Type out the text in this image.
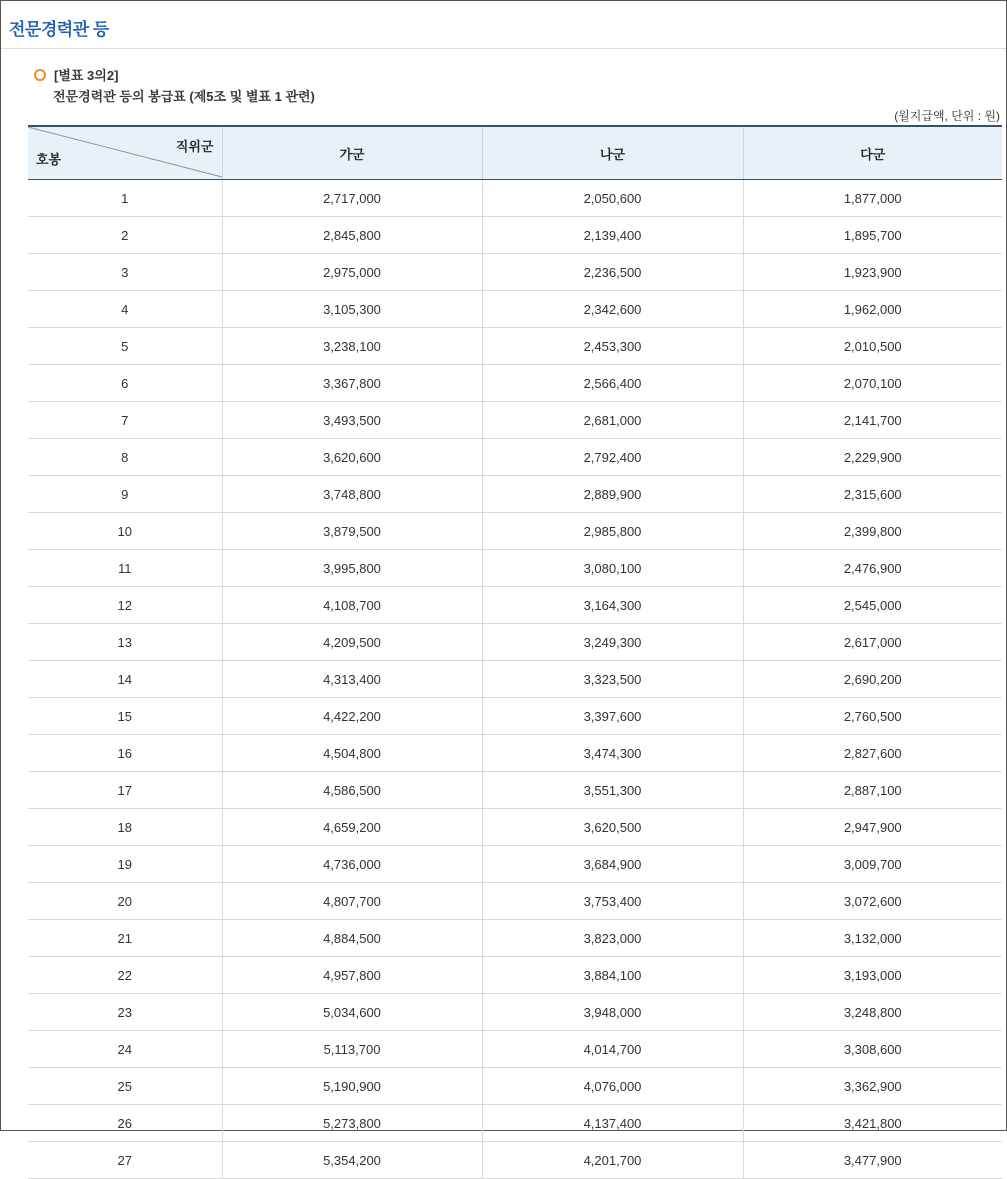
전문경력관 등
[별표 3의2]
전문경력관 등의 봉급표 (제5조 및 별표 1 관련)
(월지급액, 단위 : 원)
직위군
호봉	가군	나군	다군
1	2,717,000	2,050,600	1,877,000
2	2,845,800	2,139,400	1,895,700
3	2,975,000	2,236,500	1,923,900
4	3,105,300	2,342,600	1,962,000
5	3,238,100	2,453,300	2,010,500
6	3,367,800	2,566,400	2,070,100
7	3,493,500	2,681,000	2,141,700
8	3,620,600	2,792,400	2,229,900
9	3,748,800	2,889,900	2,315,600
10	3,879,500	2,985,800	2,399,800
11	3,995,800	3,080,100	2,476,900
12	4,108,700	3,164,300	2,545,000
13	4,209,500	3,249,300	2,617,000
14	4,313,400	3,323,500	2,690,200
15	4,422,200	3,397,600	2,760,500
16	4,504,800	3,474,300	2,827,600
17	4,586,500	3,551,300	2,887,100
18	4,659,200	3,620,500	2,947,900
19	4,736,000	3,684,900	3,009,700
20	4,807,700	3,753,400	3,072,600
21	4,884,500	3,823,000	3,132,000
22	4,957,800	3,884,100	3,193,000
23	5,034,600	3,948,000	3,248,800
24	5,113,700	4,014,700	3,308,600
25	5,190,900	4,076,000	3,362,900
26	5,273,800	4,137,400	3,421,800
27	5,354,200	4,201,700	3,477,900
